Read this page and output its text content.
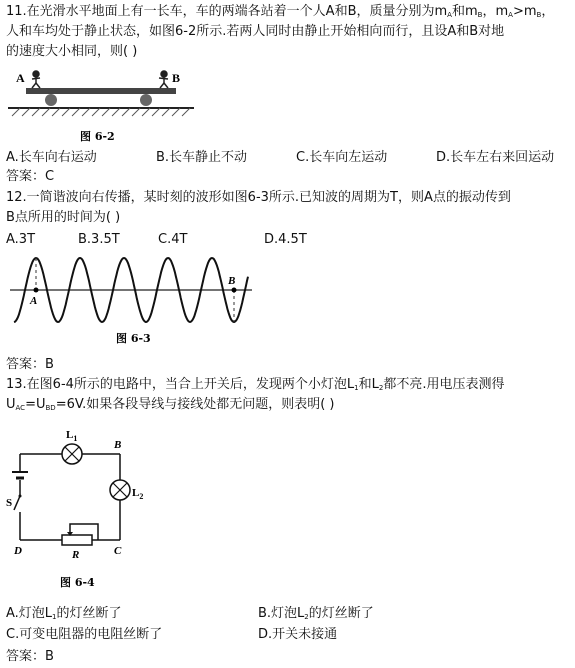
11.在光滑水平地面上有一长车，车的两端各站着一个人A和B，质量分别为$m_A$和$m_B$，$m_A>m_B$，
人和车均处于静止状态，如图6-2所示.若两人同时由静止开始相向而行，且设A和B对地
的速度大小相同，则( )
A	B
图 6-2
A.长车向右运动	B.长车静止不动	C.长车向左运动	D.长车左右来回运动
答案：C
12.一简谐波向右传播，某时刻的波形如图6-3所示.已知波的周期为T，则A点的振动传到
B点所用的时间为( )
A.3T	B.3.5T	C.4T	D.4.5T
A
B
图 6-3
答案：B
13.在图6-4所示的电路中，当合上开关后，发现两个小灯泡$L_1$和$L_2$都不亮.用电压表测得
$U_{AC}=U_{BD}=6V$.如果各段导线与接线处都无问题，则表明( )
$L_1$
B
$L_2$
S
D	R	C
图 6-4
A.灯泡$L_1$的灯丝断了	B.灯泡$L_2$的灯丝断了
C.可变电阻器的电阻丝断了	D.开关未接通
答案：B
